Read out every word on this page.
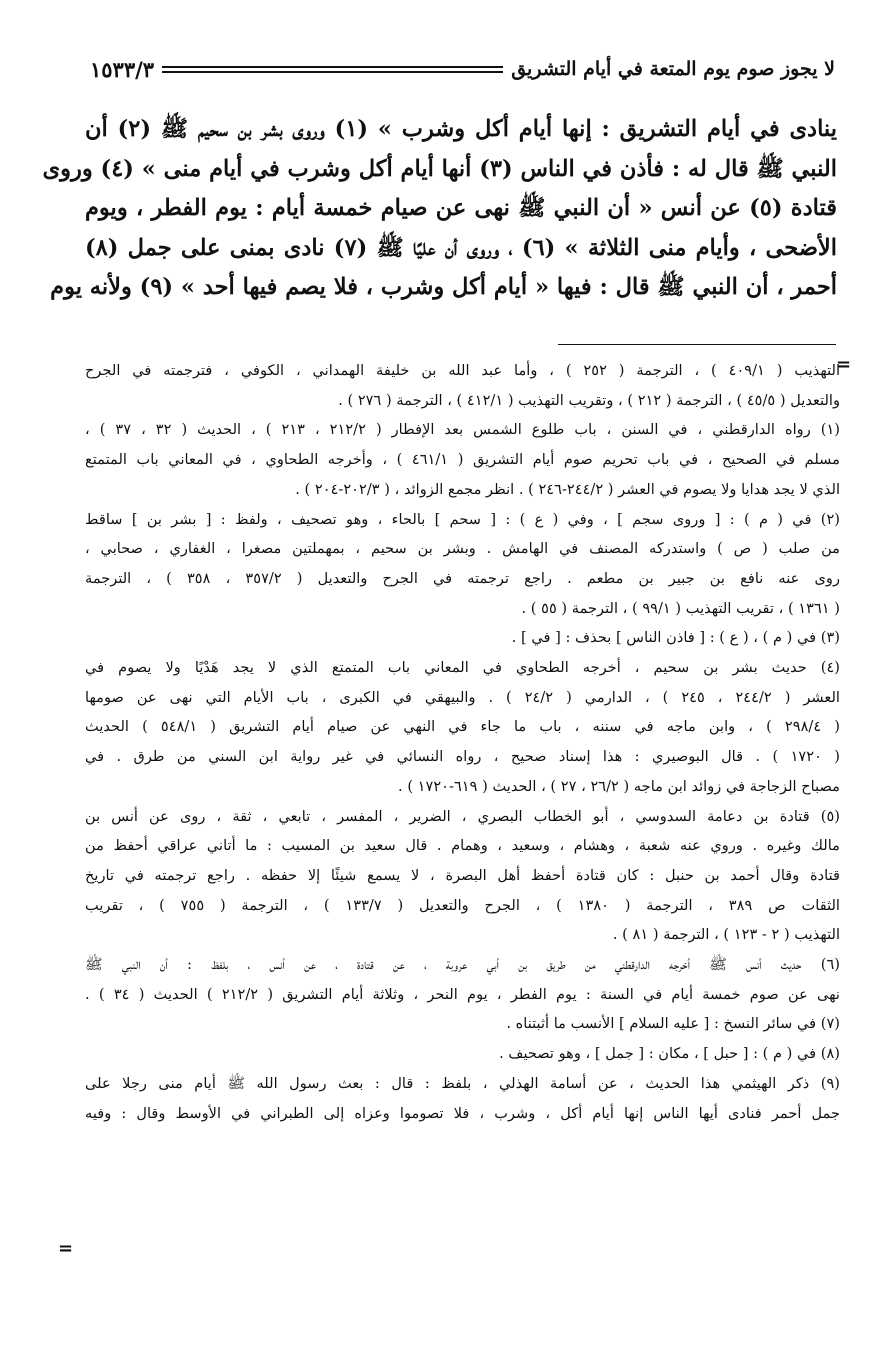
لا يجوز صوم يوم المتعة في أيام التشريق
١٥٣٣/٣
ينادى في أيام التشريق : إنها أيام أكل وشرب » (١) وروى بشر بن سحيم ﷺ (٢) أن
النبي ﷺ قال له : فأذن في الناس (٣) أنها أيام أكل وشرب في أيام منى » (٤) وروى
قتادة (٥) عن أنس « أن النبي ﷺ نهى عن صيام خمسة أيام : يوم الفطر ، ويوم
الأضحى ، وأيام منى الثلاثة » (٦) ، وروى أن عليًا ﷺ (٧) نادى بمنى على جمل (٨)
أحمر ، أن النبي ﷺ قال : فيها « أيام أكل وشرب ، فلا يصم فيها أحد » (٩) ولأنه يوم
=
التهذيب ( ٤٠٩/١ ) ، الترجمة ( ٢٥٢ ) ، وأما عبد الله بن خليفة الهمداني ، الكوفي ، فترجمته في الجرح
والتعديل ( ٤٥/٥ ) ، الترجمة ( ٢١٢ ) ، وتقريب التهذيب ( ٤١٢/١ ) ، الترجمة ( ٢٧٦ ) .
(١) رواه الدارقطني ، في السنن ، باب طلوع الشمس بعد الإفطار ( ٢١٢/٢ ، ٢١٣ ) ، الحديث ( ٣٢ ، ٣٧ ) ،
مسلم في الصحيح ، في باب تحريم صوم أيام التشريق ( ٤٦١/١ ) ، وأخرجه الطحاوي ، في المعاني باب المتمتع
الذي لا يجد هدايا ولا يصوم في العشر ( ٢٤٤/٢-٢٤٦ ) . انظر مجمع الزوائد ، ( ٢٠٢/٣-٢٠٤ ) .
(٢) في ( م ) : [ وروى سجم ] ، وفي ( ع ) : [ سحم ] بالحاء ، وهو تصحيف ، ولفظ : [ بشر بن ] ساقط
من صلب ( ص ) واستدركه المصنف في الهامش . وبشر بن سحيم ، بمهملتين مصغرا ، الغفاري ، صحابي ،
روى عنه نافع بن جبير بن مطعم . راجع ترجمته في الجرح والتعديل ( ٣٥٧/٢ ، ٣٥٨ ) ، الترجمة
( ١٣٦١ ) ، تقريب التهذيب ( ٩٩/١ ) ، الترجمة ( ٥٥ ) .
(٣) في ( م ) ، ( ع ) : [ فاذن الناس ] بحذف : [ في ] .
(٤) حديث بشر بن سحيم ، أخرجه الطحاوي في المعاني باب المتمتع الذي لا يجد هَدْيًا ولا يصوم في
العشر ( ٢٤٤/٢ ، ٢٤٥ ) ، الدارمي ( ٢٤/٢ ) . والبيهقي في الكبرى ، باب الأيام التي نهى عن صومها
( ٢٩٨/٤ ) ، وابن ماجه في سننه ، باب ما جاء في النهي عن صيام أيام التشريق ( ٥٤٨/١ ) الحديث
( ١٧٢٠ ) . قال البوصيري : هذا إسناد صحيح ، رواه النسائي في غير رواية ابن السني من طرق . في
مصباح الزجاجة في زوائد ابن ماجه ( ٢٦/٢ ، ٢٧ ) ، الحديث ( ٦١٩-١٧٢٠ ) .
(٥) قتادة بن دعامة السدوسي ، أبو الخطاب البصري ، الضرير ، المفسر ، تابعي ، ثقة ، روى عن أنس بن
مالك وغيره . وروي عنه شعبة ، وهشام ، وسعيد ، وهمام . قال سعيد بن المسيب : ما أتاني عراقي أحفظ من
قتادة وقال أحمد بن حنبل : كان قتادة أحفظ أهل البصرة ، لا يسمع شيئًا إلا حفظه . راجع ترجمته في تاريخ
الثقات ص ٣٨٩ ، الترجمة ( ١٣٨٠ ) ، الجرح والتعديل ( ١٣٣/٧ ) ، الترجمة ( ٧٥٥ ) ، تقريب
التهذيب ( ٢ - ١٢٣ ) ، الترجمة ( ٨١ ) .
(٦) حديث أنس ﷺ أخرجه الدارقطني من طريق بن أبي عروبة ، عن قتادة ، عن أنس ، بلفظ : أن النبي ﷺ
نهى عن صوم خمسة أيام في السنة : يوم الفطر ، يوم النحر ، وثلاثة أيام التشريق ( ٢١٢/٢ ) الحديث ( ٣٤ ) .
(٧) في سائر النسخ : [ عليه السلام ] الأنسب ما أثبتناه .
(٨) في ( م ) : [ حبل ] ، مكان : [ جمل ] ، وهو تصحيف .
(٩) ذكر الهيثمي هذا الحديث ، عن أسامة الهذلي ، بلفظ : قال : بعث رسول الله ﷺ أيام منى رجلا على
جمل أحمر فنادى أيها الناس إنها أيام أكل ، وشرب ، فلا تصوموا وعزاه إلى الطبراني في الأوسط وقال : وفيه
=
